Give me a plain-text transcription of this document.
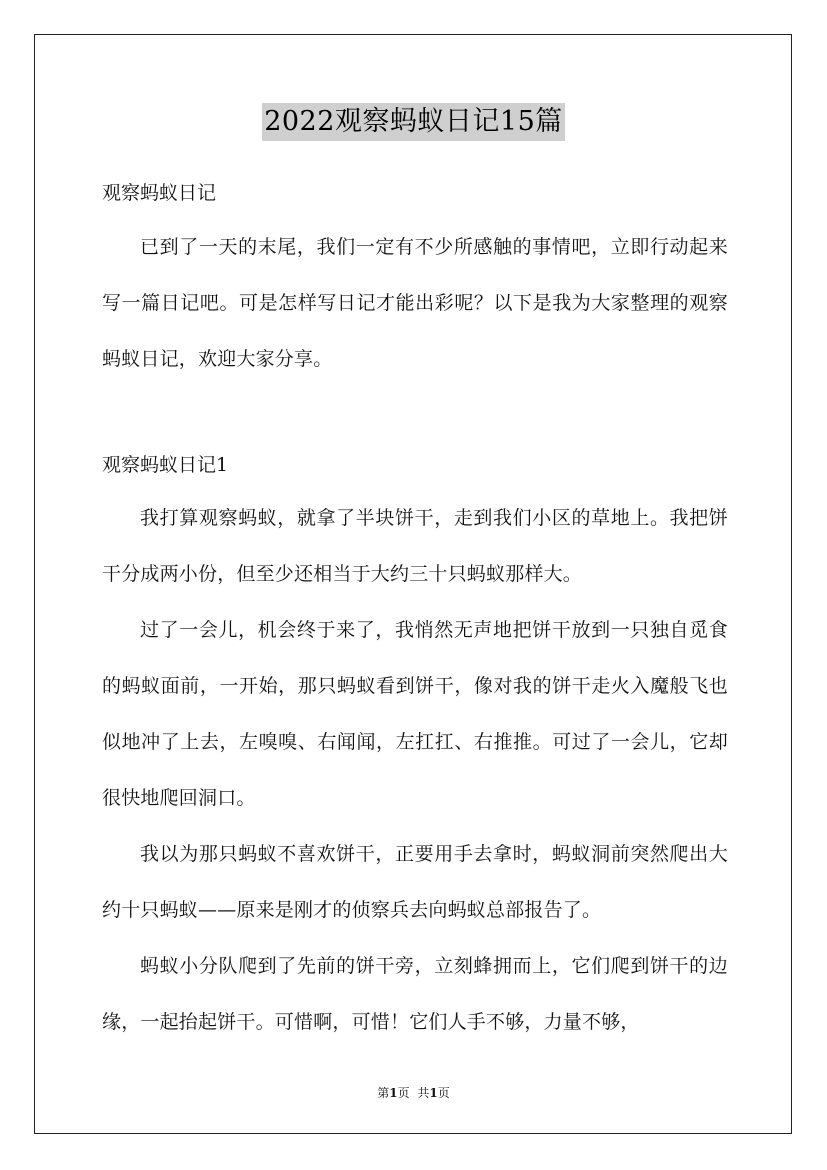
2022观察蚂蚁日记15篇
观察蚂蚁日记

已到了一天的末尾，我们一定有不少所感触的事情吧，立即行动起来写一篇日记吧。可是怎样写日记才能出彩呢？以下是我为大家整理的观察蚂蚁日记，欢迎大家分享。

观察蚂蚁日记1

我打算观察蚂蚁，就拿了半块饼干，走到我们小区的草地上。我把饼干分成两小份，但至少还相当于大约三十只蚂蚁那样大。

过了一会儿，机会终于来了，我悄然无声地把饼干放到一只独自觅食的蚂蚁面前，一开始，那只蚂蚁看到饼干，像对我的饼干走火入魔般飞也似地冲了上去，左嗅嗅、右闻闻，左扛扛、右推推。可过了一会儿，它却很快地爬回洞口。

我以为那只蚂蚁不喜欢饼干，正要用手去拿时，蚂蚁洞前突然爬出大约十只蚂蚁——原来是刚才的侦察兵去向蚂蚁总部报告了。

蚂蚁小分队爬到了先前的饼干旁，立刻蜂拥而上，它们爬到饼干的边缘，一起抬起饼干。可惜啊，可惜！它们人手不够，力量不够，

第1页 共1页
